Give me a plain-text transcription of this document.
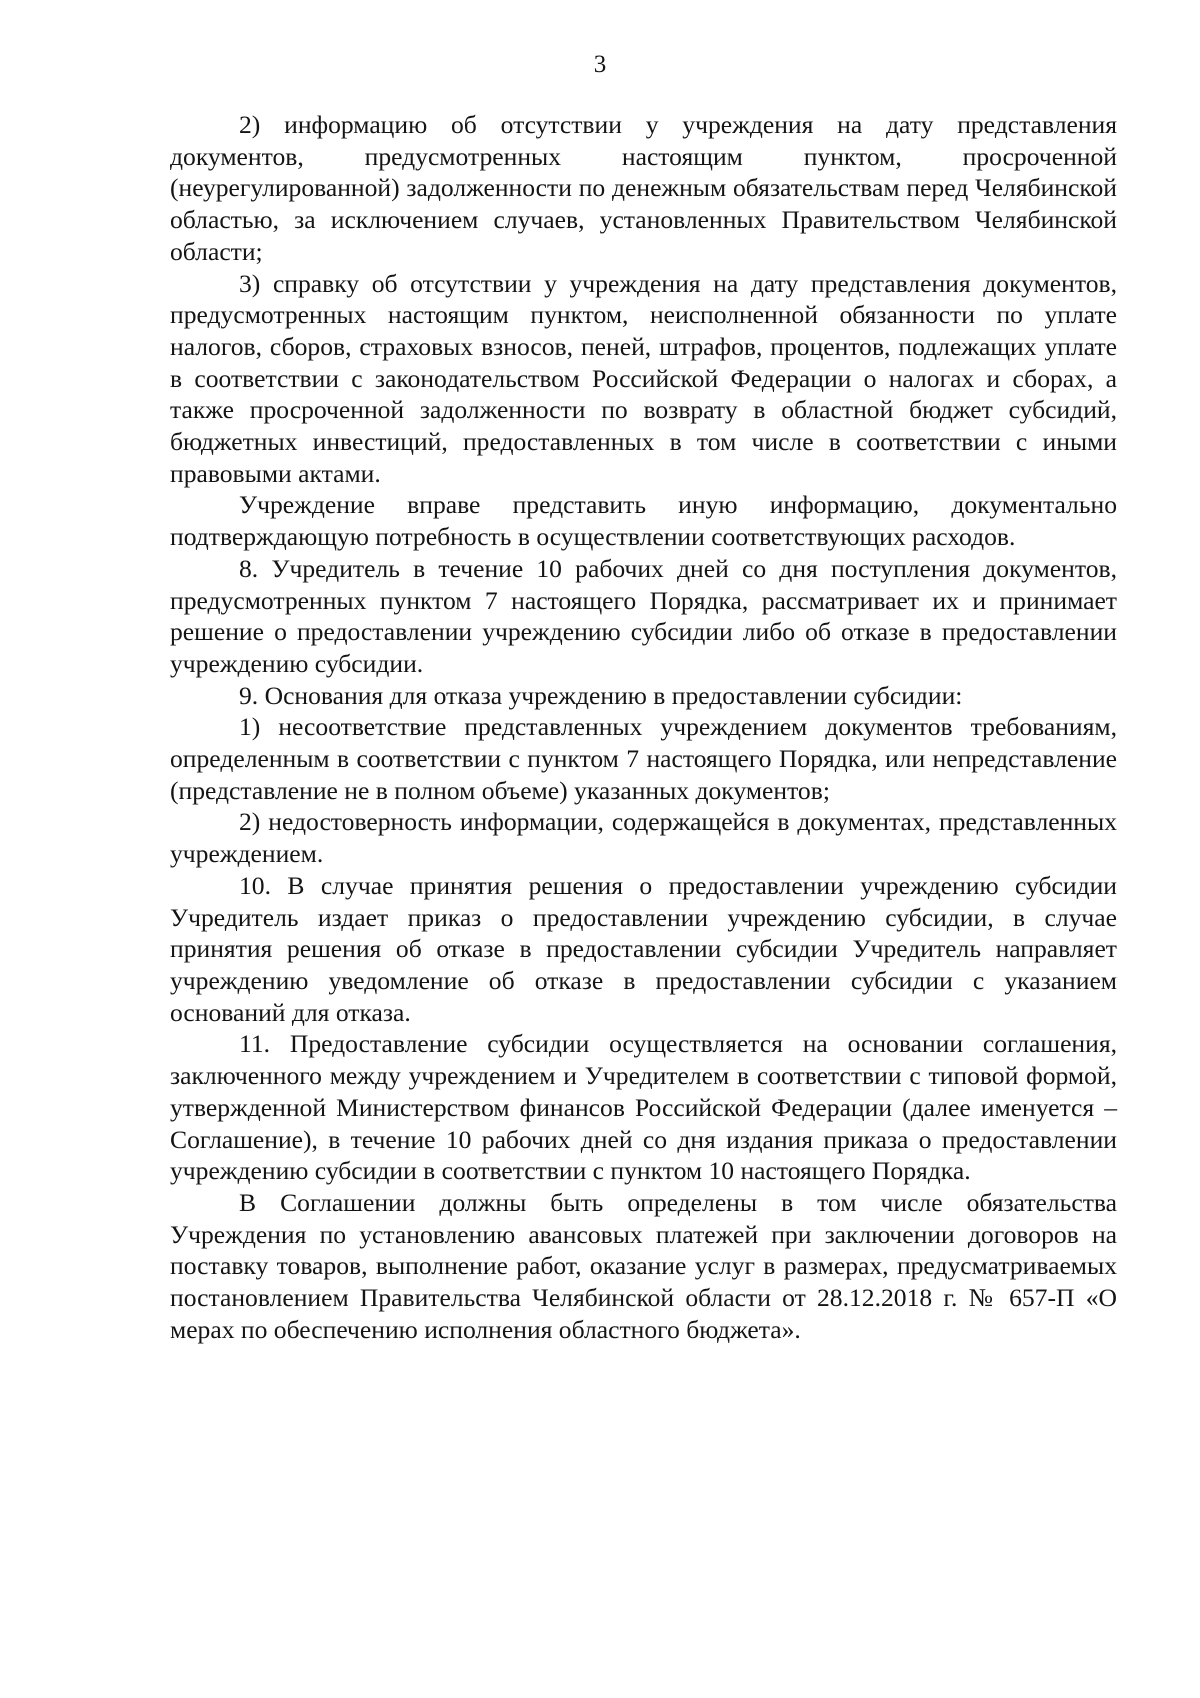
3

2) информацию об отсутствии у учреждения на дату представления документов, предусмотренных настоящим пунктом, просроченной (неурегулированной) задолженности по денежным обязательствам перед Челябинской областью, за исключением случаев, установленных Правительством Челябинской области;

3) справку об отсутствии у учреждения на дату представления документов, предусмотренных настоящим пунктом, неисполненной обязанности по уплате налогов, сборов, страховых взносов, пеней, штрафов, процентов, подлежащих уплате в соответствии с законодательством Российской Федерации о налогах и сборах, а также просроченной задолженности по возврату в областной бюджет субсидий, бюджетных инвестиций, предоставленных в том числе в соответствии с иными правовыми актами.

Учреждение вправе представить иную информацию, документально подтверждающую потребность в осуществлении соответствующих расходов.

8. Учредитель в течение 10 рабочих дней со дня поступления документов, предусмотренных пунктом 7 настоящего Порядка, рассматривает их и принимает решение о предоставлении учреждению субсидии либо об отказе в предоставлении учреждению субсидии.

9. Основания для отказа учреждению в предоставлении субсидии:

1) несоответствие представленных учреждением документов требованиям, определенным в соответствии с пунктом 7 настоящего Порядка, или непредставление (представление не в полном объеме) указанных документов;

2) недостоверность информации, содержащейся в документах, представленных учреждением.

10. В случае принятия решения о предоставлении учреждению субсидии Учредитель издает приказ о предоставлении учреждению субсидии, в случае принятия решения об отказе в предоставлении субсидии Учредитель направляет учреждению уведомление об отказе в предоставлении субсидии с указанием оснований для отказа.

11. Предоставление субсидии осуществляется на основании соглашения, заключенного между учреждением и Учредителем в соответствии с типовой формой, утвержденной Министерством финансов Российской Федерации (далее именуется – Соглашение), в течение 10 рабочих дней со дня издания приказа о предоставлении учреждению субсидии в соответствии с пунктом 10 настоящего Порядка.

В Соглашении должны быть определены в том числе обязательства Учреждения по установлению авансовых платежей при заключении договоров на поставку товаров, выполнение работ, оказание услуг в размерах, предусматриваемых постановлением Правительства Челябинской области от 28.12.2018 г. № 657-П «О мерах по обеспечению исполнения областного бюджета».
